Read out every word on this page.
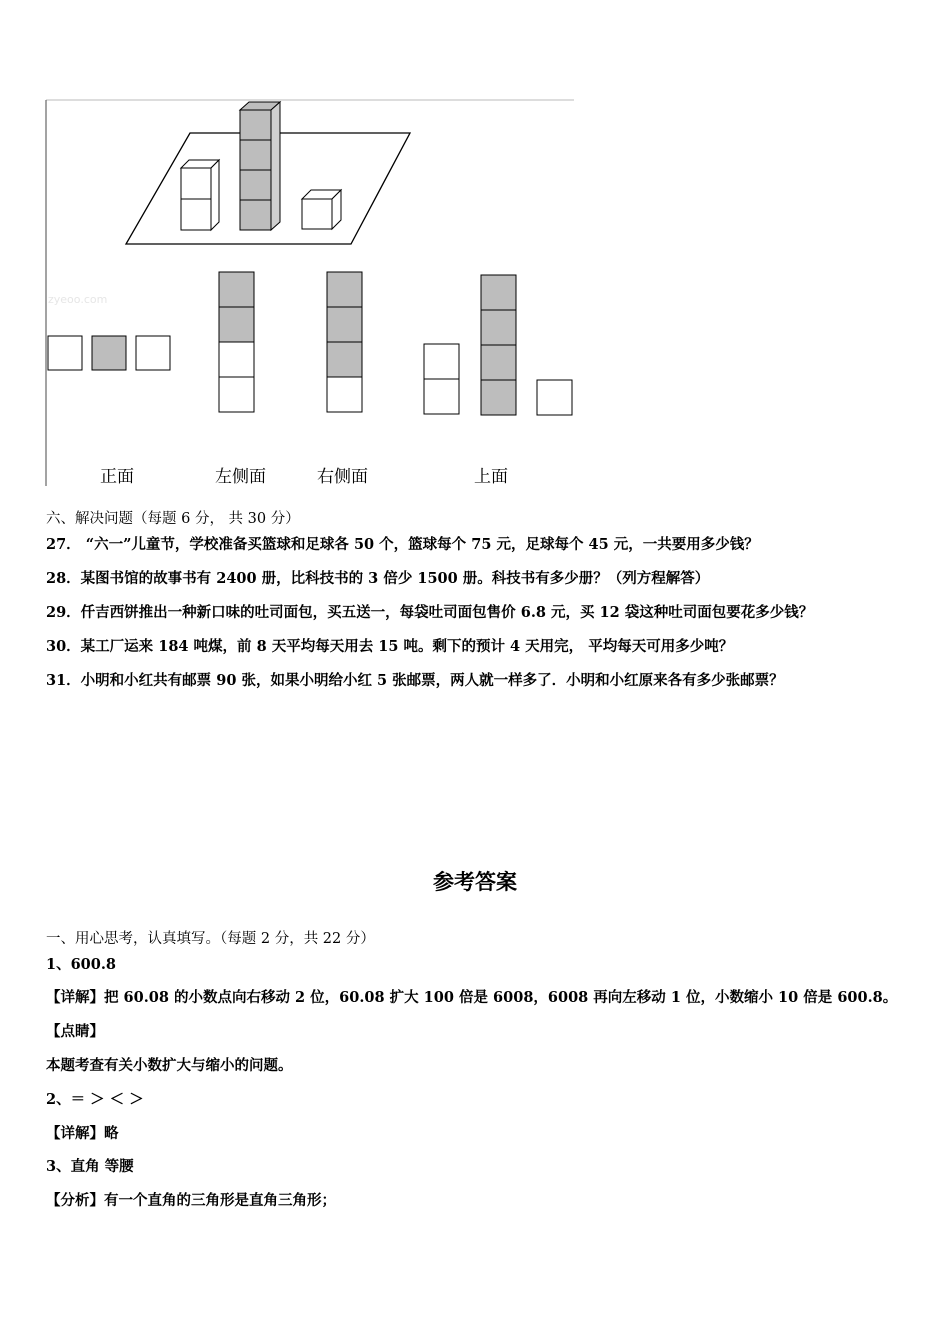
zyeoo.com
正面	左侧面	右侧面	上面
六、解决问题（每题 6 分， 共 30 分）
27． “六一”儿童节，学校准备买篮球和足球各 50 个，篮球每个 75 元，足球每个 45 元，一共要用多少钱？
28．某图书馆的故事书有 2400 册，比科技书的 3 倍少 1500 册。科技书有多少册？（列方程解答）
29．仟吉西饼推出一种新口味的吐司面包，买五送一，每袋吐司面包售价 6.8 元，买 12 袋这种吐司面包要花多少钱？
30．某工厂运来 184 吨煤，前 8 天平均每天用去 15 吨。剩下的预计 4 天用完， 平均每天可用多少吨？
31．小明和小红共有邮票 90 张，如果小明给小红 5 张邮票，两人就一样多了．小明和小红原来各有多少张邮票？
参考答案
一、用心思考，认真填写。（每题 2 分，共 22 分）
1、600.8
【详解】把 60.08 的小数点向右移动 2 位，60.08 扩大 100 倍是 6008，6008 再向左移动 1 位，小数缩小 10 倍是 600.8。
【点睛】
本题考查有关小数扩大与缩小的问题。
2、＝ ＞ ＜ ＞
【详解】略
3、直角 等腰
【分析】有一个直角的三角形是直角三角形；
